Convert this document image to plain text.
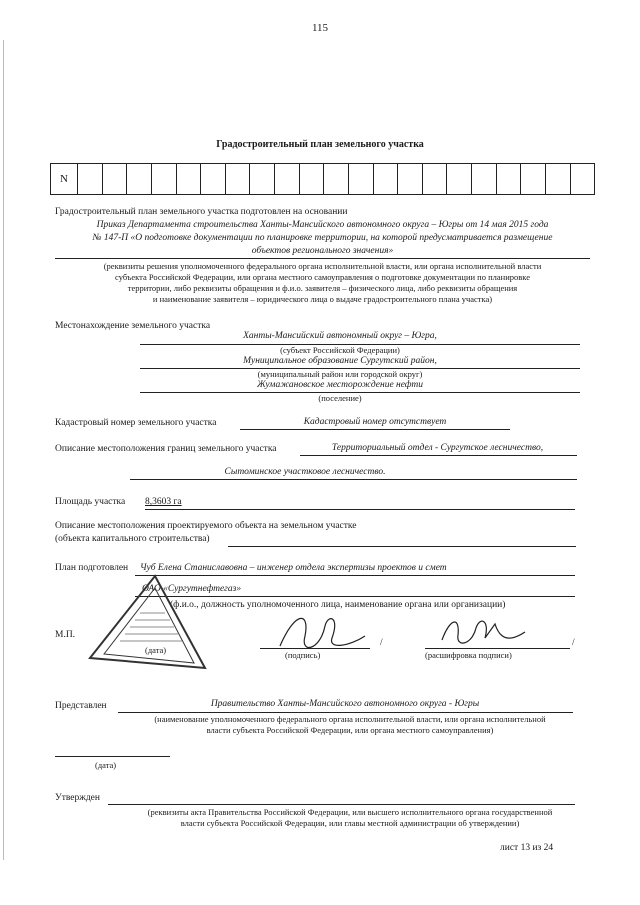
115
Градостроительный план земельного участка
N
Градостроительный план земельного участка подготовлен на основании
Приказ Департамента строительства Ханты-Мансийского автономного округа – Югры от 14 мая 2015 года
№ 147-П «О подготовке документации по планировке территории, на которой предусматривается размещение
объектов регионального значения»
(реквизиты решения уполномоченного федерального органа исполнительной власти, или органа исполнительной власти
субъекта Российской Федерации, или органа местного самоуправления о подготовке документации по планировке
территории, либо реквизиты обращения и ф.и.о. заявителя – физического лица, либо реквизиты обращения
и наименование заявителя – юридического лица о выдаче градостроительного плана участка)
Местонахождение земельного участка
Ханты-Мансийский автономный округ – Югра,
(субъект Российской Федерации)
Муниципальное образование Сургутский район,
(муниципальный район или городской округ)
Жумажановское месторождение нефти
(поселение)
Кадастровый номер земельного участка	Кадастровый номер отсутствует
Описание местоположения границ земельного участка	Территориальный отдел - Сургутское лесничество,
Сытоминское участковое лесничество.
Площадь участка 8,3603 га
Описание местоположения проектируемого объекта на земельном участке
(объекта капитального строительства)
План подготовлен Чуб Елена Станиславовна – инженер отдела экспертизы проектов и смет
ОАО «Сургутнефтегаз»
(ф.и.о., должность уполномоченного лица, наименование органа или организации)
М.П.
(дата)
/	/
(подпись)	(расшифровка подписи)
Представлен	Правительство Ханты-Мансийского автономного округа - Югры
(наименование уполномоченного федерального органа исполнительной власти, или органа исполнительной
власти субъекта Российской Федерации, или органа местного самоуправления)
(дата)
Утвержден
(реквизиты акта Правительства Российской Федерации, или высшего исполнительного органа государственной
власти субъекта Российской Федерации, или главы местной администрации об утверждении)
лист 13 из 24
